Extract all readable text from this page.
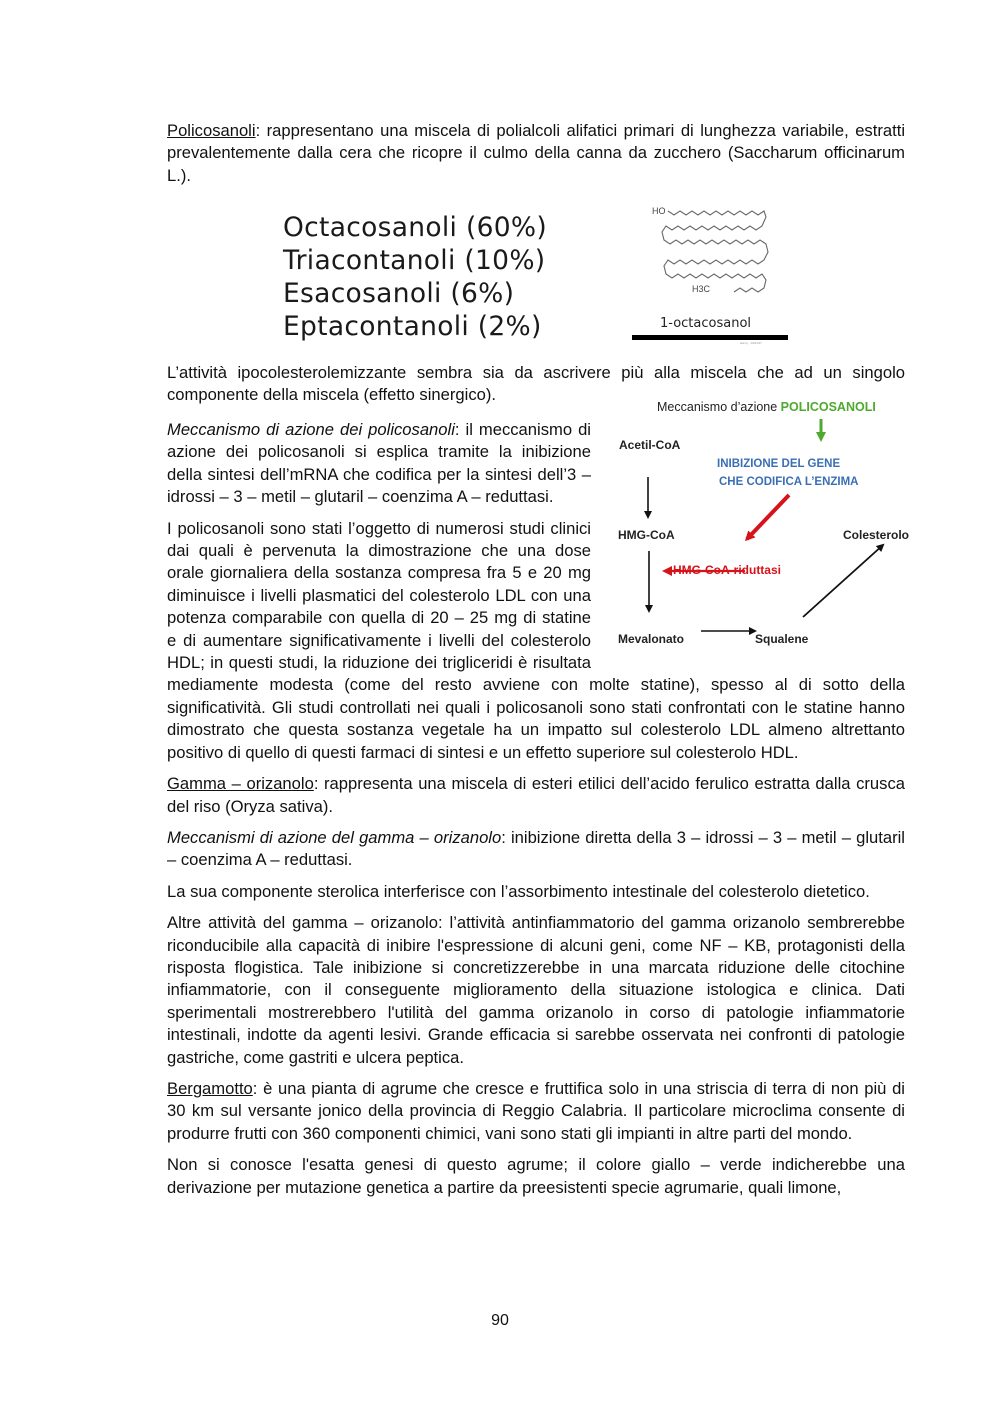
Policosanoli: rappresentano una miscela di polialcoli alifatici primari di lunghezza variabile, estratti prevalentemente dalla cera che ricopre il culmo della canna da zucchero (Saccharum officinarum L.).

Octacosanoli (60%)
Triacontanoli (10%)
Esacosanoli (6%)
Eptacontanoli (2%)
HO
H3C
1-octacosanol
alamy · RDF247

L’attività ipocolesterolemizzante sembra sia da ascrivere più alla miscela che ad un singolo componente della miscela (effetto sinergico).

Meccanismo d’azione POLICOSANOLI
Acetil-CoA
INIBIZIONE DEL GENE
CHE CODIFICA L’ENZIMA
HMG-CoA	Colesterolo
HMG-CoA-riduttasi
Mevalonato	Squalene

Meccanismo di azione dei policosanoli: il meccanismo di azione dei policosanoli si esplica tramite la inibizione della sintesi dell’mRNA che codifica per la sintesi dell’3 – idrossi – 3 – metil – glutaril – coenzima A – reduttasi.

I policosanoli sono stati l’oggetto di numerosi studi clinici dai quali è pervenuta la dimostrazione che una dose orale giornaliera della sostanza compresa fra 5 e 20 mg diminuisce i livelli plasmatici del colesterolo LDL con una potenza comparabile con quella di 20 – 25 mg di statine e di aumentare significativamente i livelli del colesterolo HDL; in questi studi, la riduzione dei trigliceridi è risultata mediamente modesta (come del resto avviene con molte statine), spesso al di sotto della significatività. Gli studi controllati nei quali i policosanoli sono stati confrontati con le statine hanno dimostrato che questa sostanza vegetale ha un impatto sul colesterolo LDL almeno altrettanto positivo di quello di questi farmaci di sintesi e un effetto superiore sul colesterolo HDL.

Gamma – orizanolo: rappresenta una miscela di esteri etilici dell’acido ferulico estratta dalla crusca del riso (Oryza sativa).

Meccanismi di azione del gamma – orizanolo: inibizione diretta della 3 – idrossi – 3 – metil – glutaril – coenzima A – reduttasi.

La sua componente sterolica interferisce con l’assorbimento intestinale del colesterolo dietetico.

Altre attività del gamma – orizanolo: l’attività antinfiammatorio del gamma orizanolo sembrerebbe riconducibile alla capacità di inibire l'espressione di alcuni geni, come NF – KB, protagonisti della risposta flogistica. Tale inibizione si concretizzerebbe in una marcata riduzione delle citochine infiammatorie, con il conseguente miglioramento della situazione istologica e clinica. Dati sperimentali mostrerebbero l'utilità del gamma orizanolo in corso di patologie infiammatorie intestinali, indotte da agenti lesivi. Grande efficacia si sarebbe osservata nei confronti di patologie gastriche, come gastriti e ulcera peptica.

Bergamotto: è una pianta di agrume che cresce e fruttifica solo in una striscia di terra di non più di 30 km sul versante jonico della provincia di Reggio Calabria. Il particolare microclima consente di produrre frutti con 360 componenti chimici, vani sono stati gli impianti in altre parti del mondo.

Non si conosce l'esatta genesi di questo agrume; il colore giallo – verde indicherebbe una derivazione per mutazione genetica a partire da preesistenti specie agrumarie, quali limone,

90
